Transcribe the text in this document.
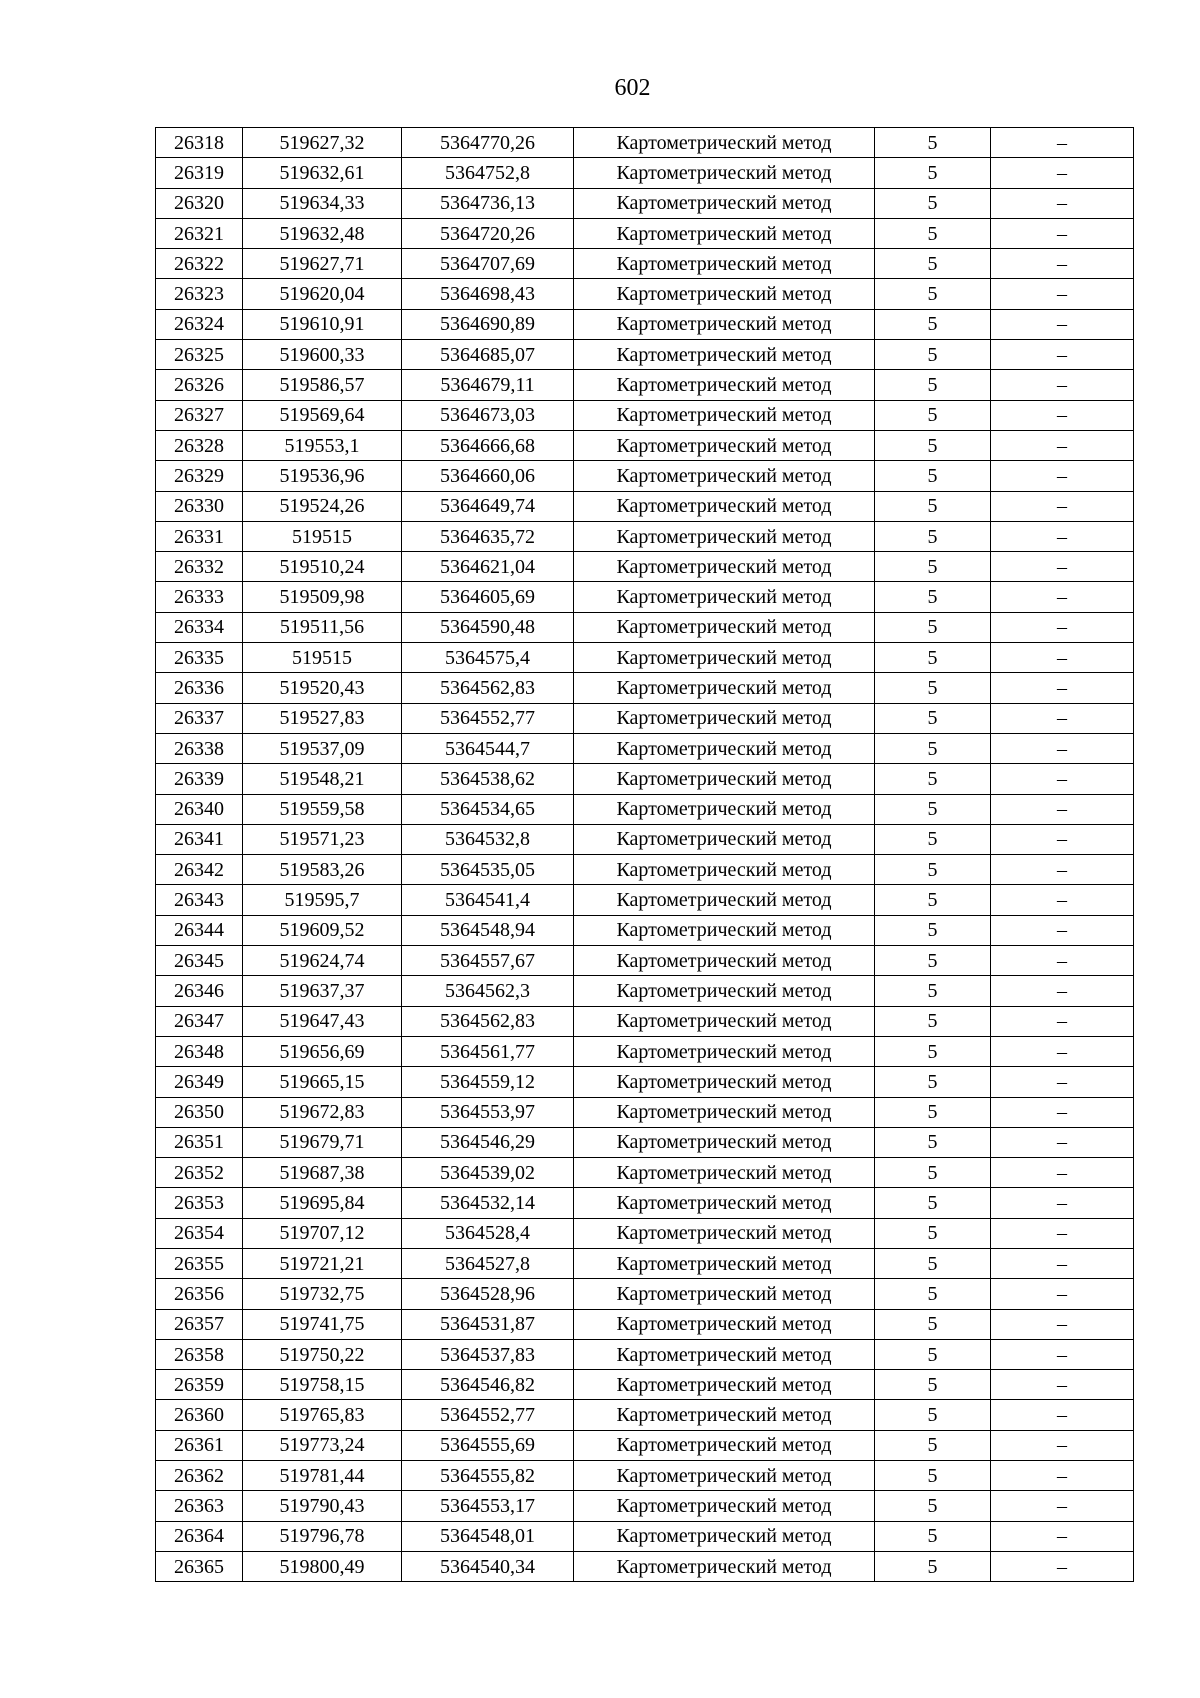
602
26318	519627,32	5364770,26	Картометрический метод	5	–
26319	519632,61	5364752,8	Картометрический метод	5	–
26320	519634,33	5364736,13	Картометрический метод	5	–
26321	519632,48	5364720,26	Картометрический метод	5	–
26322	519627,71	5364707,69	Картометрический метод	5	–
26323	519620,04	5364698,43	Картометрический метод	5	–
26324	519610,91	5364690,89	Картометрический метод	5	–
26325	519600,33	5364685,07	Картометрический метод	5	–
26326	519586,57	5364679,11	Картометрический метод	5	–
26327	519569,64	5364673,03	Картометрический метод	5	–
26328	519553,1	5364666,68	Картометрический метод	5	–
26329	519536,96	5364660,06	Картометрический метод	5	–
26330	519524,26	5364649,74	Картометрический метод	5	–
26331	519515	5364635,72	Картометрический метод	5	–
26332	519510,24	5364621,04	Картометрический метод	5	–
26333	519509,98	5364605,69	Картометрический метод	5	–
26334	519511,56	5364590,48	Картометрический метод	5	–
26335	519515	5364575,4	Картометрический метод	5	–
26336	519520,43	5364562,83	Картометрический метод	5	–
26337	519527,83	5364552,77	Картометрический метод	5	–
26338	519537,09	5364544,7	Картометрический метод	5	–
26339	519548,21	5364538,62	Картометрический метод	5	–
26340	519559,58	5364534,65	Картометрический метод	5	–
26341	519571,23	5364532,8	Картометрический метод	5	–
26342	519583,26	5364535,05	Картометрический метод	5	–
26343	519595,7	5364541,4	Картометрический метод	5	–
26344	519609,52	5364548,94	Картометрический метод	5	–
26345	519624,74	5364557,67	Картометрический метод	5	–
26346	519637,37	5364562,3	Картометрический метод	5	–
26347	519647,43	5364562,83	Картометрический метод	5	–
26348	519656,69	5364561,77	Картометрический метод	5	–
26349	519665,15	5364559,12	Картометрический метод	5	–
26350	519672,83	5364553,97	Картометрический метод	5	–
26351	519679,71	5364546,29	Картометрический метод	5	–
26352	519687,38	5364539,02	Картометрический метод	5	–
26353	519695,84	5364532,14	Картометрический метод	5	–
26354	519707,12	5364528,4	Картометрический метод	5	–
26355	519721,21	5364527,8	Картометрический метод	5	–
26356	519732,75	5364528,96	Картометрический метод	5	–
26357	519741,75	5364531,87	Картометрический метод	5	–
26358	519750,22	5364537,83	Картометрический метод	5	–
26359	519758,15	5364546,82	Картометрический метод	5	–
26360	519765,83	5364552,77	Картометрический метод	5	–
26361	519773,24	5364555,69	Картометрический метод	5	–
26362	519781,44	5364555,82	Картометрический метод	5	–
26363	519790,43	5364553,17	Картометрический метод	5	–
26364	519796,78	5364548,01	Картометрический метод	5	–
26365	519800,49	5364540,34	Картометрический метод	5	–
